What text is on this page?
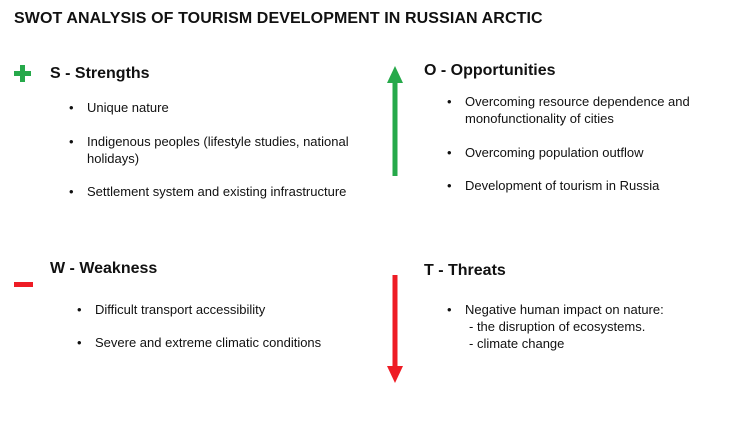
SWOT ANALYSIS OF TOURISM DEVELOPMENT IN RUSSIAN ARCTIC
S - Strengths
• Unique nature
• Indigenous peoples (lifestyle studies, national holidays)
• Settlement system and existing infrastructure
O - Opportunities
• Overcoming resource dependence and monofunctionality of cities
• Overcoming population outflow
• Development of tourism in Russia
W - Weakness
• Difficult transport accessibility
• Severe and extreme climatic conditions
T - Threats
• Negative human impact on nature:
- the disruption of ecosystems.
- climate change
